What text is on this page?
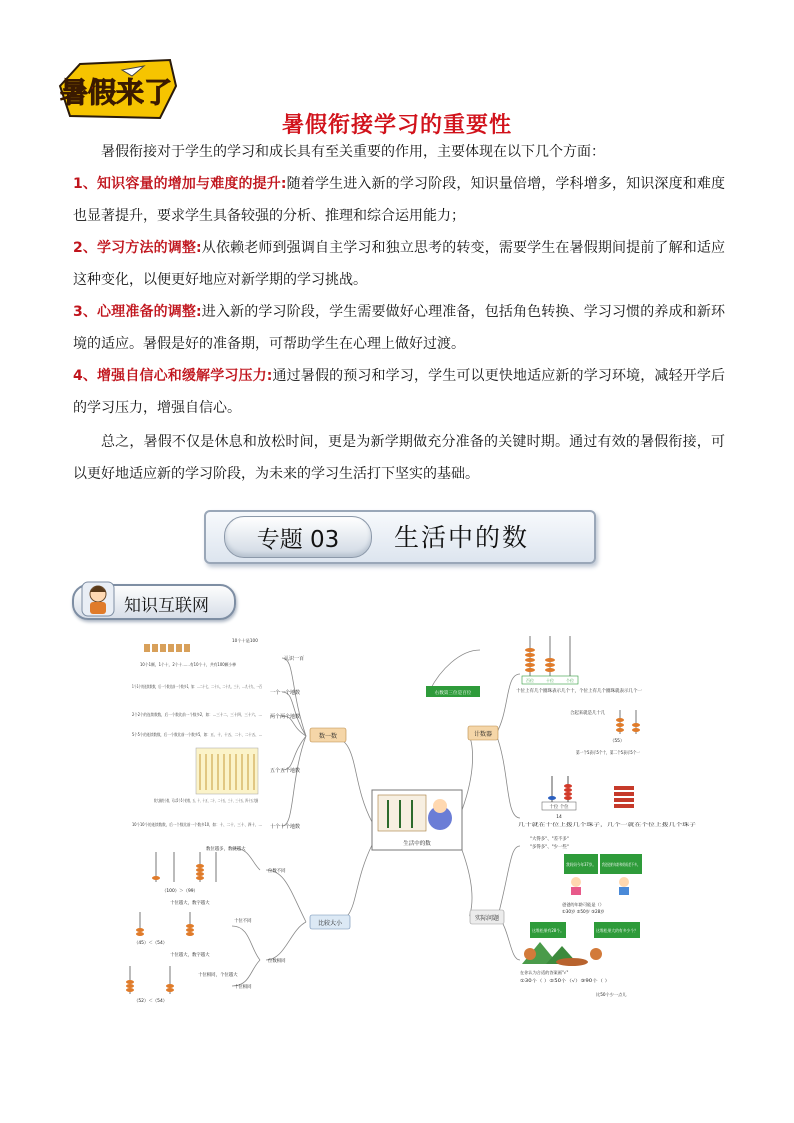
暑假来了
暑假衔接学习的重要性
暑假衔接对于学生的学习和成长具有至关重要的作用，主要体现在以下几个方面：
1、知识容量的增加与难度的提升:随着学生进入新的学习阶段，知识量倍增，学科增多，知识深度和难度也显著提升，要求学生具备较强的分析、推理和综合运用能力；
2、学习方法的调整:从依赖老师到强调自主学习和独立思考的转变，需要学生在暑假期间提前了解和适应这种变化，以便更好地应对新学期的学习挑战。
3、心理准备的调整:进入新的学习阶段，学生需要做好心理准备，包括角色转换、学习习惯的养成和新环境的适应。暑假是好的准备期，可帮助学生在心理上做好过渡。
4、增强自信心和缓解学习压力:通过暑假的预习和学习，学生可以更快地适应新的学习环境，减轻开学后的学习压力，增强自信心。
总之，暑假不仅是休息和放松时间，更是为新学期做充分准备的关键时期。通过有效的暑假衔接，可以更好地适应新的学习阶段，为未来的学习生活打下坚实的基础。
专题 03	生活中的数
知识互联网
生活中的数
数一数	计数器
比较大小
实际问题
认识一百
一个一个地数
两个两个地数
五个五个地数
十个十个地数
10个十是100
10个1颗，1个十，2个十……有10个十，共有100颗小棒
1个1个的连续数数，后一个数比前一个数多1，如：…二十七、二十八、二十九、三十，…九十九、一百
2个2个的连续数数，后一个数比前一个数多2，如：…三十二、三十四、三十六、…
5个5个的连续数数，后一个数比前一个数多5，如：五、十、十五、二十、二十五、…
数大圈的小数，可以5个5个的数，五、十、十五、二十、二十五、三十、三十五、四十五大圈
10个10个的连续数数，后一个数比前一个数多10，如：十、二十、三十、四十、…
右数第三位是百位
百位	十位	个位
十位上有几个圈珠表示几个十，个位上有几个圈珠就表示几个一
合起来就是几十几
（55）
第一个5表示5个十，第二个5表示5个一
十位 个位
14
几十就在十位上拨几个珠子，几个一就在个位上拨几个珠子
"大得多"、"差不多"
"多得多"、"少一些"
我妈妈今年37岁。 我爸爸的年龄和妈妈差不多。
爸爸的年龄可能是（）
①30岁 ②50岁 ③28岁
这堆松果有28个。	这堆松果大约有多少个？
在你认为合适的答案画"√"
①30个（ ）②50个（√）③90个（ ）
比50个少一点儿
位数不同
十位不同
位数相同
十位相同
数位越多，数就越大
（100）＞（99）
十位越大，数字越大
（45）＜（54）
十位越大，数字越大
十位相同，个位越大
（52）＜（54）
